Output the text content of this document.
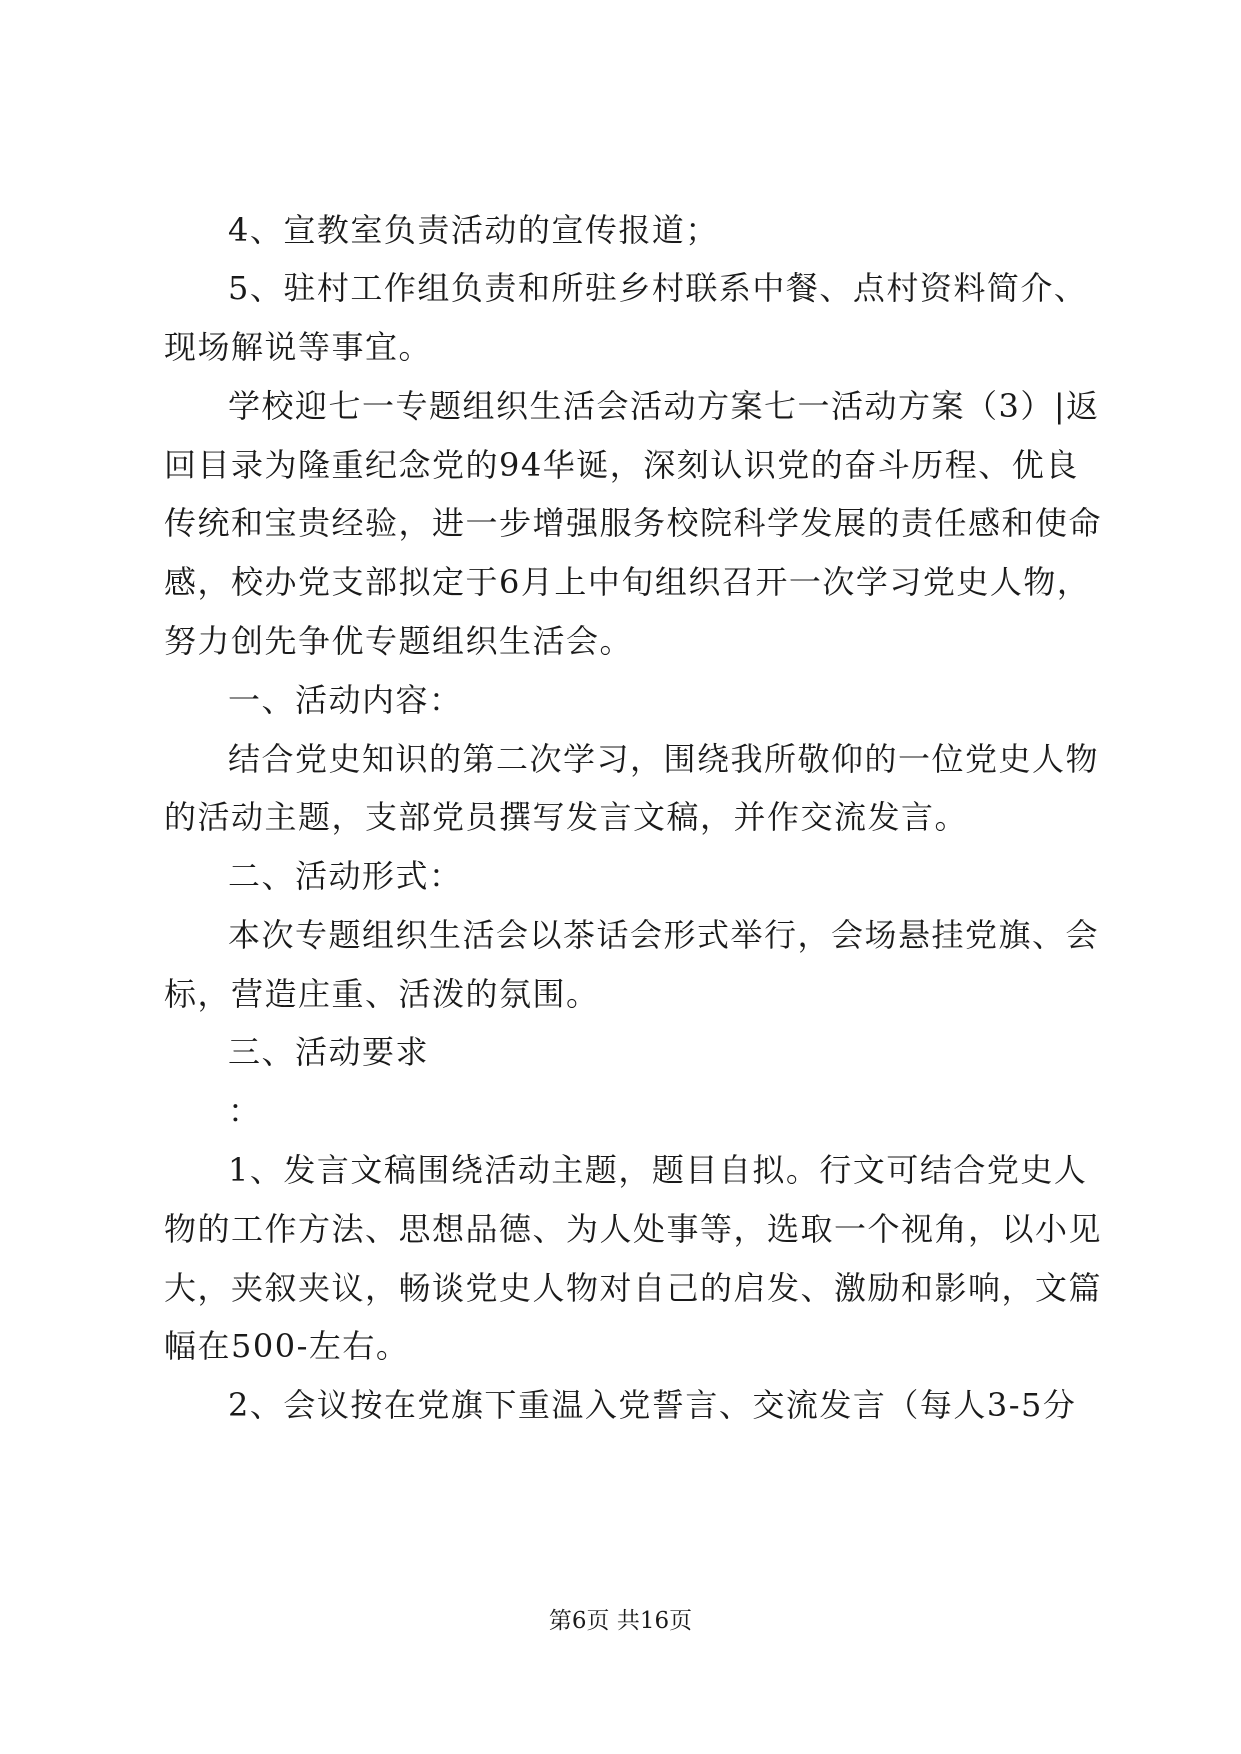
4、宣教室负责活动的宣传报道；
5、驻村工作组负责和所驻乡村联系中餐、点村资料简介、
现场解说等事宜。
学校迎七一专题组织生活会活动方案七一活动方案（3）|返
回目录为隆重纪念党的94华诞，深刻认识党的奋斗历程、优良
传统和宝贵经验，进一步增强服务校院科学发展的责任感和使命
感，校办党支部拟定于6月上中旬组织召开一次学习党史人物，
努力创先争优专题组织生活会。
一、活动内容：
结合党史知识的第二次学习，围绕我所敬仰的一位党史人物
的活动主题，支部党员撰写发言文稿，并作交流发言。
二、活动形式：
本次专题组织生活会以茶话会形式举行，会场悬挂党旗、会
标，营造庄重、活泼的氛围。
三、活动要求
：
1、发言文稿围绕活动主题，题目自拟。行文可结合党史人
物的工作方法、思想品德、为人处事等，选取一个视角，以小见
大，夹叙夹议，畅谈党史人物对自己的启发、激励和影响，文篇
幅在500-左右。
2、会议按在党旗下重温入党誓言、交流发言（每人3-5分
第6页 共16页
